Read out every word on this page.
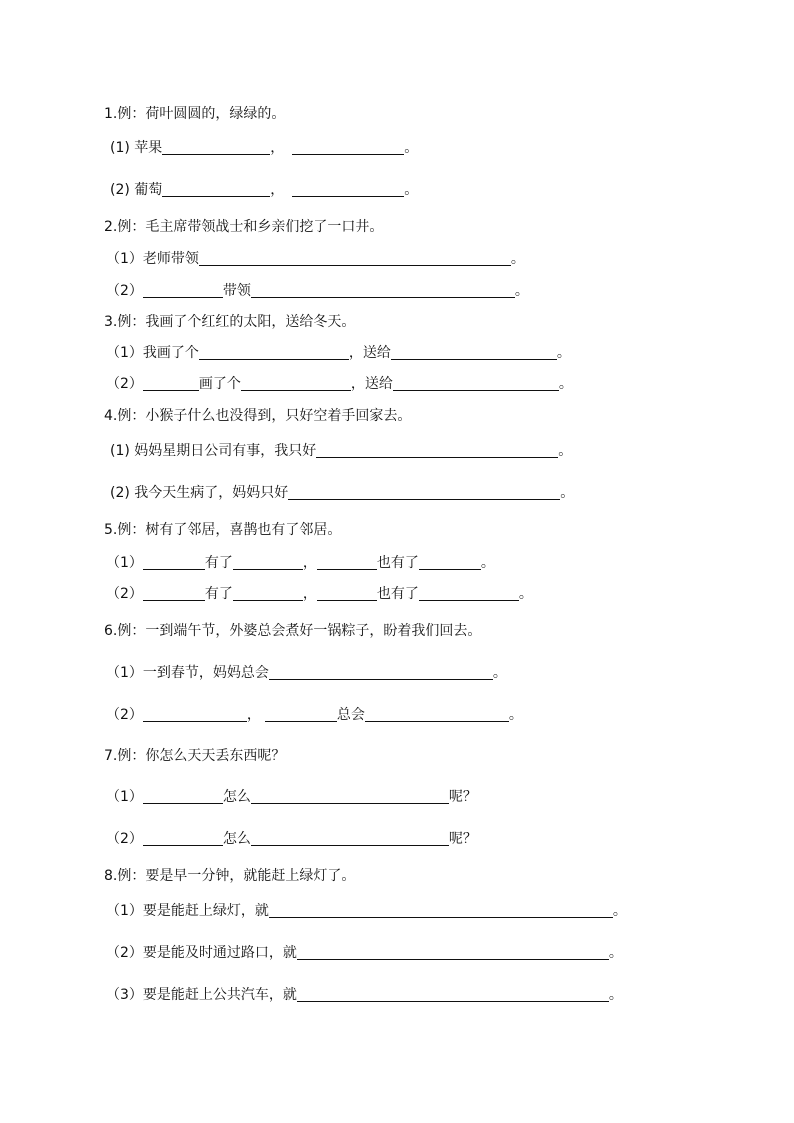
1.例：荷叶圆圆的，绿绿的。
(1) 苹果	，	。
(2) 葡萄	，	。
2.例：毛主席带领战士和乡亲们挖了一口井。
（1）老师带领	。
（2）	带领	。
3.例：我画了个红红的太阳，送给冬天。
（1）我画了个	，送给	。
（2）	画了个	，送给	。
4.例：小猴子什么也没得到，只好空着手回家去。
(1) 妈妈星期日公司有事，我只好	。
(2) 我今天生病了，妈妈只好	。
5.例：树有了邻居，喜鹊也有了邻居。
（1）	有了	，	也有了	。
（2）	有了	，	也有了	。
6.例：一到端午节，外婆总会煮好一锅粽子，盼着我们回去。
（1）一到春节，妈妈总会	。
（2）	，	总会	。
7.例：你怎么天天丢东西呢？
（1）	怎么	呢？
（2）	怎么	呢？
8.例：要是早一分钟，就能赶上绿灯了。
（1）要是能赶上绿灯，就	。
（2）要是能及时通过路口，就	。
（3）要是能赶上公共汽车，就	。
